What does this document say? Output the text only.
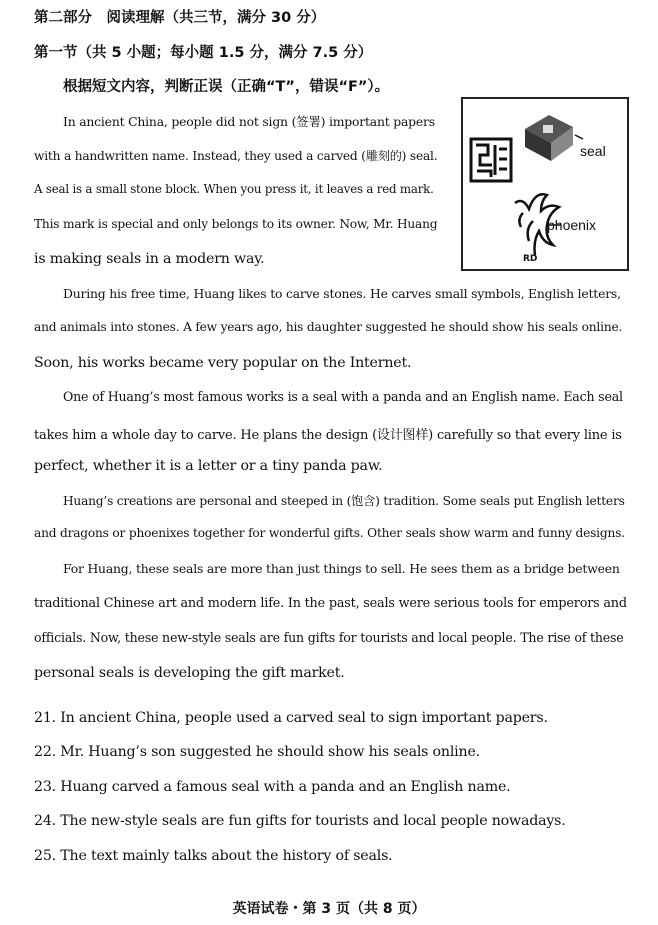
第二部分　阅读理解（共三节，满分 30 分）
第一节（共 5 小题；每小题 1.5 分，满分 7.5 分）
根据短文内容，判断正误（正确“T”，错误“F”）。
RD
seal
phoenix
In ancient China, people did not sign (签署) important papers
with a handwritten name. Instead, they used a carved (雕刻的) seal.
A seal is a small stone block. When you press it, it leaves a red mark.
This mark is special and only belongs to its owner. Now, Mr. Huang
is making seals in a modern way.
During his free time, Huang likes to carve stones. He carves small symbols, English letters,
and animals into stones. A few years ago, his daughter suggested he should show his seals online.
Soon, his works became very popular on the Internet.
One of Huang’s most famous works is a seal with a panda and an English name. Each seal
takes him a whole day to carve. He plans the design (设计图样) carefully so that every line is
perfect, whether it is a letter or a tiny panda paw.
Huang’s creations are personal and steeped in (饱含) tradition. Some seals put English letters
and dragons or phoenixes together for wonderful gifts. Other seals show warm and funny designs.
For Huang, these seals are more than just things to sell. He sees them as a bridge between
traditional Chinese art and modern life. In the past, seals were serious tools for emperors and
officials. Now, these new-style seals are fun gifts for tourists and local people. The rise of these
personal seals is developing the gift market.
21. In ancient China, people used a carved seal to sign important papers.
22. Mr. Huang’s son suggested he should show his seals online.
23. Huang carved a famous seal with a panda and an English name.
24. The new-style seals are fun gifts for tourists and local people nowadays.
25. The text mainly talks about the history of seals.
英语试卷・第 3 页（共 8 页）
